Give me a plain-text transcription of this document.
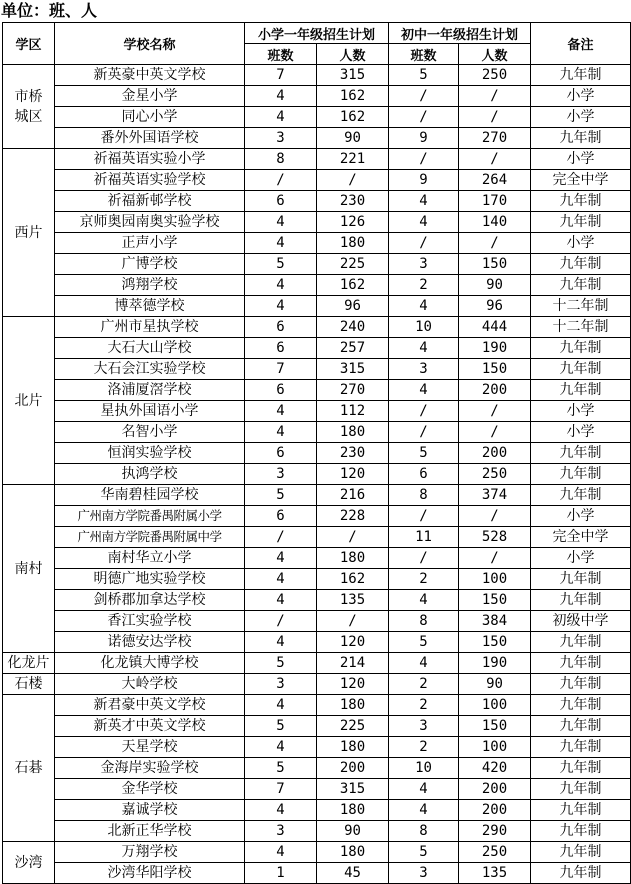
单位：班、人
学区	学校名称	小学一年级招生计划		初中一年级招生计划		备注
		班数	人数	班数	人数	
市桥
城区	新英豪中英文学校	7	315	5	250	九年制
	金星小学	4	162	/	/	小学
	同心小学	4	162	/	/	小学
	番外外国语学校	3	90	9	270	九年制
西片	祈福英语实验小学	8	221	/	/	小学
	祈福英语实验学校	/	/	9	264	完全中学
	祈福新邨学校	6	230	4	170	九年制
	京师奥园南奥实验学校	4	126	4	140	九年制
	正声小学	4	180	/	/	小学
	广博学校	5	225	3	150	九年制
	鸿翔学校	4	162	2	90	九年制
	博萃德学校	4	96	4	96	十二年制
北片	广州市星执学校	6	240	10	444	十二年制
	大石大山学校	6	257	4	190	九年制
	大石会江实验学校	7	315	3	150	九年制
	洛浦厦滘学校	6	270	4	200	九年制
	星执外国语小学	4	112	/	/	小学
	名智小学	4	180	/	/	小学
	恒润实验学校	6	230	5	200	九年制
	执鸿学校	3	120	6	250	九年制
南村	华南碧桂园学校	5	216	8	374	九年制
	广州南方学院番禺附属小学	6	228	/	/	小学
	广州南方学院番禺附属中学	/	/	11	528	完全中学
	南村华立小学	4	180	/	/	小学
	明德广地实验学校	4	162	2	100	九年制
	剑桥郡加拿达学校	4	135	4	150	九年制
	香江实验学校	/	/	8	384	初级中学
	诺德安达学校	4	120	5	150	九年制
化龙片	化龙镇大博学校	5	214	4	190	九年制
石楼	大岭学校	3	120	2	90	九年制
石碁	新君豪中英文学校	4	180	2	100	九年制
	新英才中英文学校	5	225	3	150	九年制
	天星学校	4	180	2	100	九年制
	金海岸实验学校	5	200	10	420	九年制
	金华学校	7	315	4	200	九年制
	嘉诚学校	4	180	4	200	九年制
	北新正华学校	3	90	8	290	九年制
沙湾	万翔学校	4	180	5	250	九年制
	沙湾华阳学校	1	45	3	135	九年制
